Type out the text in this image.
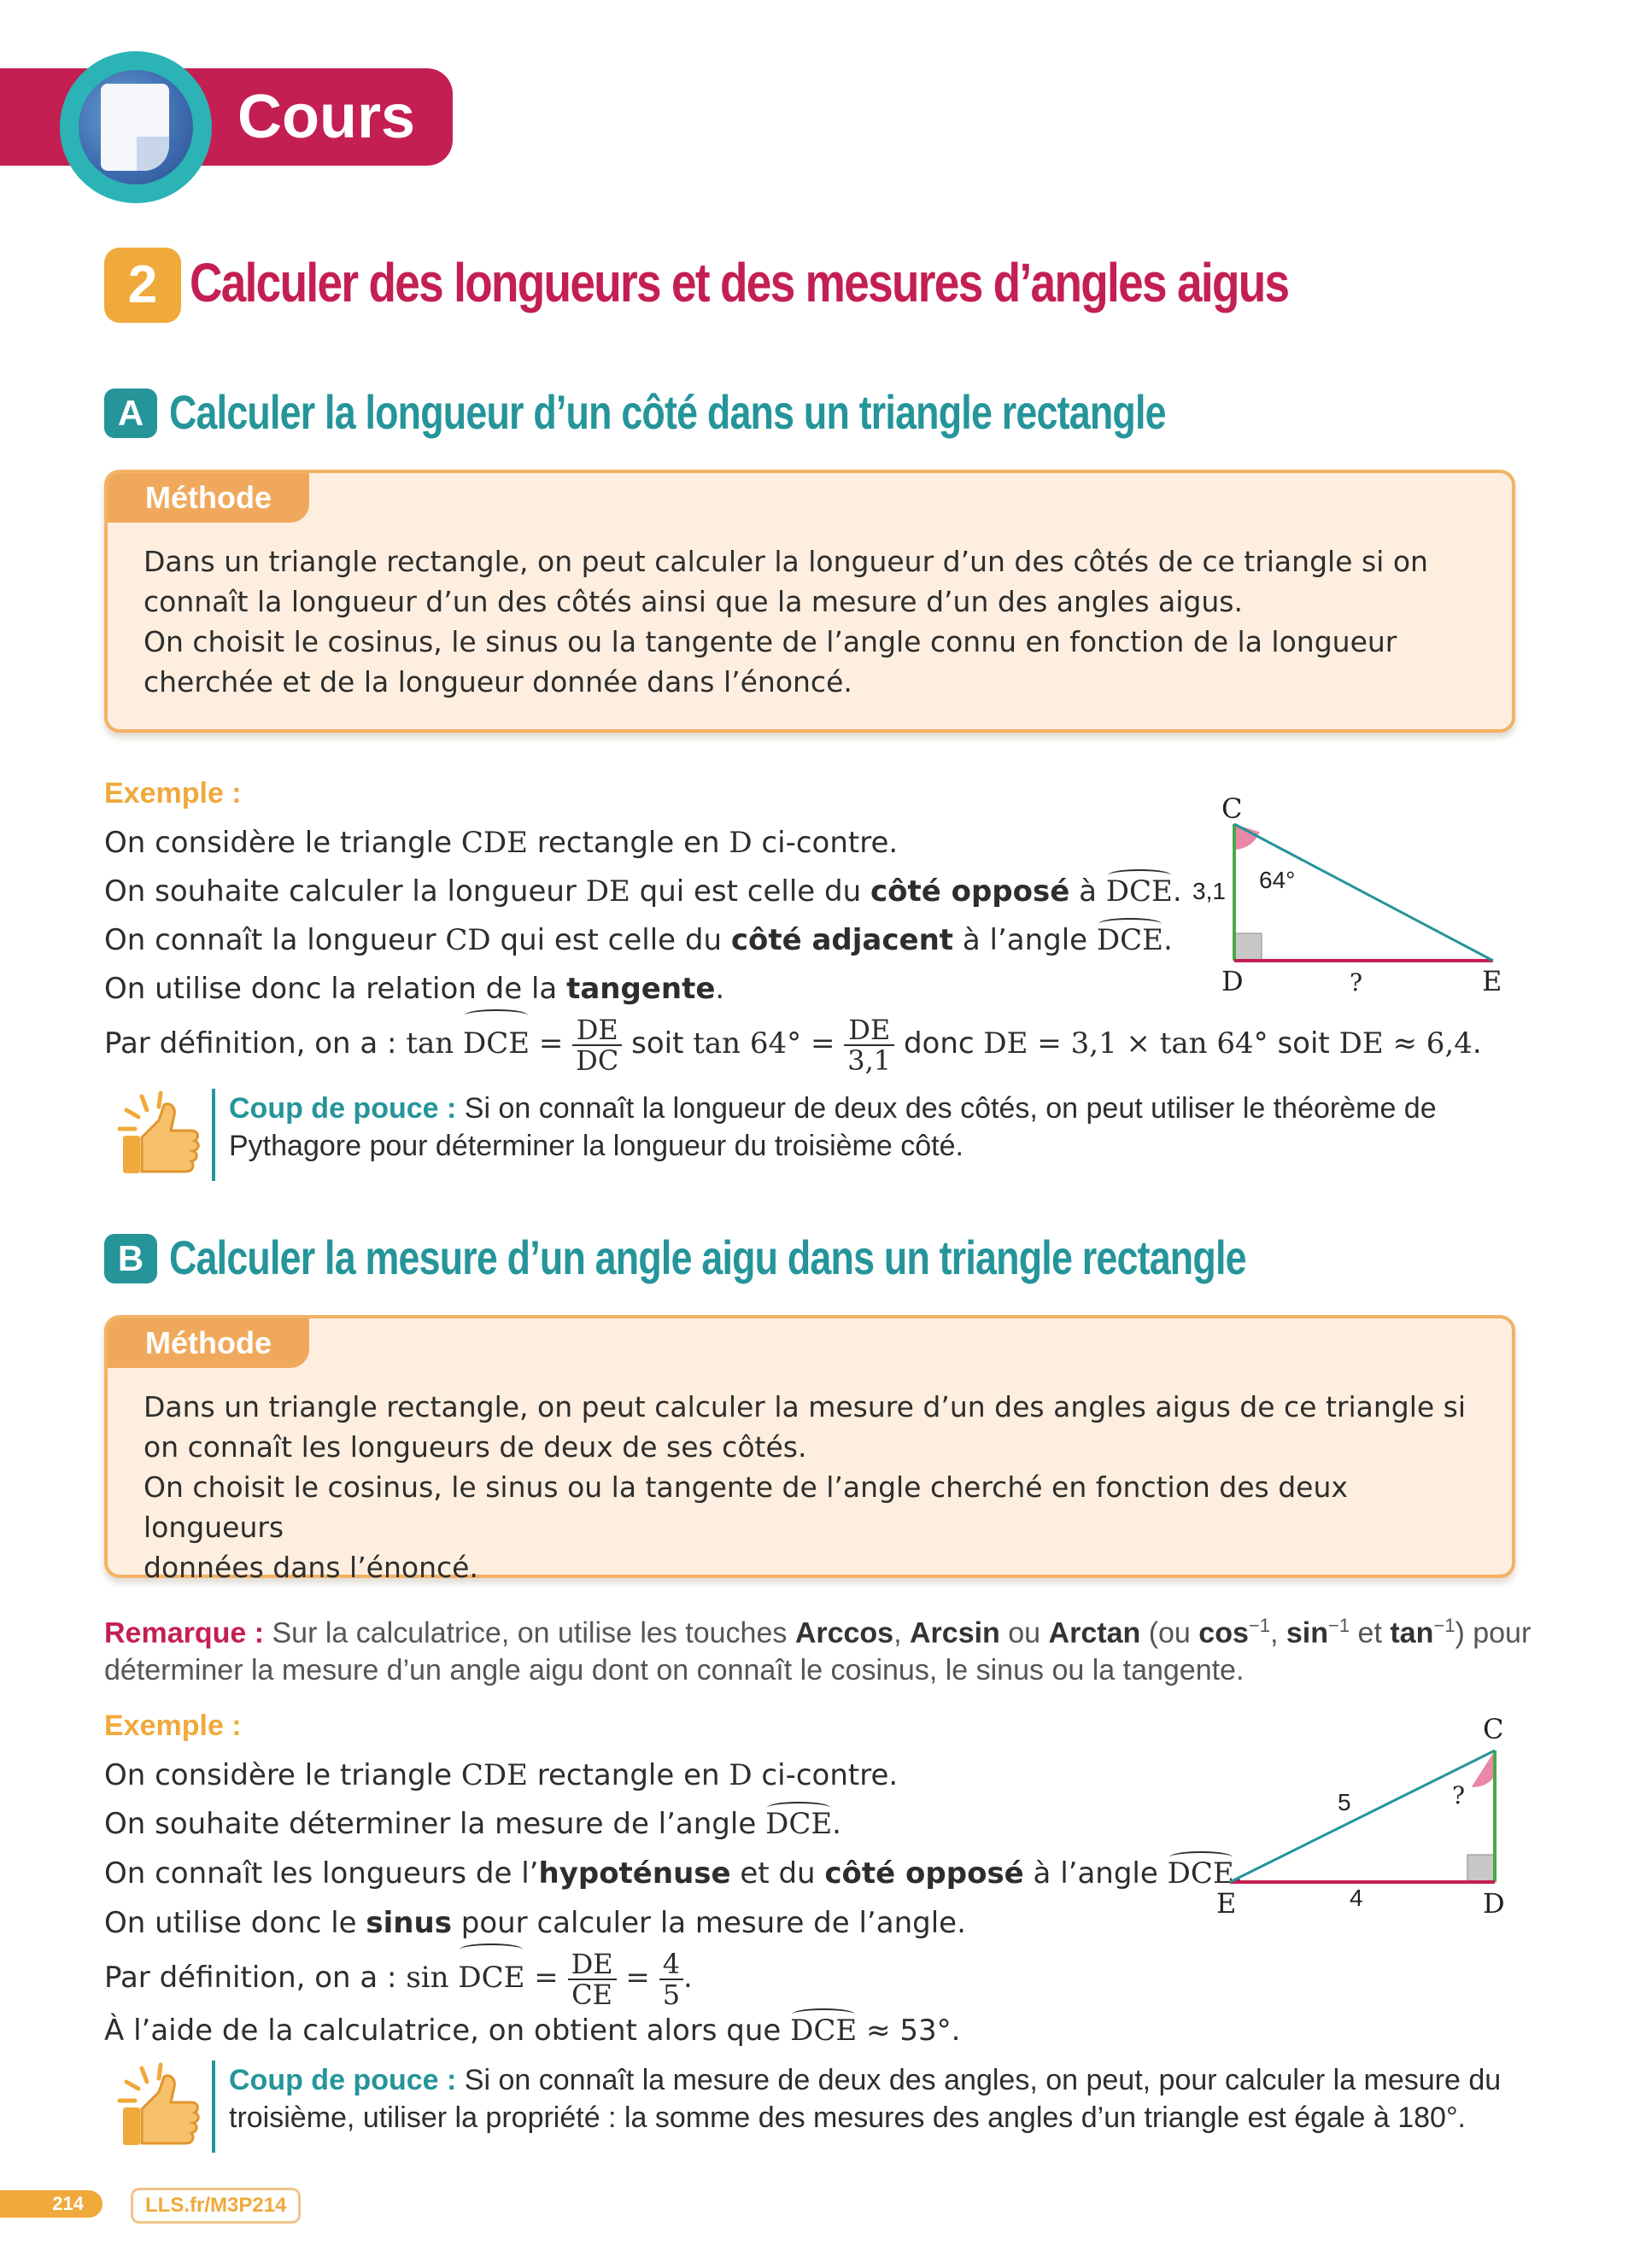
Cours
2 Calculer des longueurs et des mesures d’angles aigus
A Calculer la longueur d’un côté dans un triangle rectangle
Méthode
Dans un triangle rectangle, on peut calculer la longueur d’un des côtés de ce triangle si on
connaît la longueur d’un des côtés ainsi que la mesure d’un des angles aigus.
On choisit le cosinus, le sinus ou la tangente de l’angle connu en fonction de la longueur
cherchée et de la longueur donnée dans l’énoncé.
Exemple :
On considère le triangle CDE rectangle en D ci-contre.
On souhaite calculer la longueur DE qui est celle du côté opposé à DCE.
On connaît la longueur CD qui est celle du côté adjacent à l’angle DCE.
On utilise donc la relation de la tangente.
Par définition, on a : tan DCE = $\frac{DE}{DC}$ soit $\tan 64^\circ = \frac{DE}{3,1}$ donc DE = 3,1 × tan 64° soit DE ≈ 6,4.
C
D	E
3,1 64°
?
Coup de pouce : Si on connaît la longueur de deux des côtés, on peut utiliser le théorème de
Pythagore pour déterminer la longueur du troisième côté.
B Calculer la mesure d’un angle aigu dans un triangle rectangle
Méthode
Dans un triangle rectangle, on peut calculer la mesure d’un des angles aigus de ce triangle si
on connaît les longueurs de deux de ses côtés.
On choisit le cosinus, le sinus ou la tangente de l’angle cherché en fonction des deux longueurs
données dans l’énoncé.
Remarque : Sur la calculatrice, on utilise les touches Arccos, Arcsin ou Arctan (ou $\cos^{-1}$, $\sin^{-1}$ et $\tan^{-1}$) pour
déterminer la mesure d’un angle aigu dont on connaît le cosinus, le sinus ou la tangente.
Exemple :
On considère le triangle CDE rectangle en D ci-contre.
On souhaite déterminer la mesure de l’angle DCE.
On connaît les longueurs de l’hypoténuse et du côté opposé à l’angle DCE.
On utilise donc le sinus pour calculer la mesure de l’angle.
Par définition, on a : sin DCE = $\frac{DE}{CE} = \frac{4}{5}$ .
À l’aide de la calculatrice, on obtient alors que DCE ≈ 53°.
C
D
E
5	?
4
Coup de pouce : Si on connaît la mesure de deux des angles, on peut, pour calculer la mesure du
troisième, utiliser la propriété : la somme des mesures des angles d’un triangle est égale à 180°.
214	LLS.fr/M3P214
